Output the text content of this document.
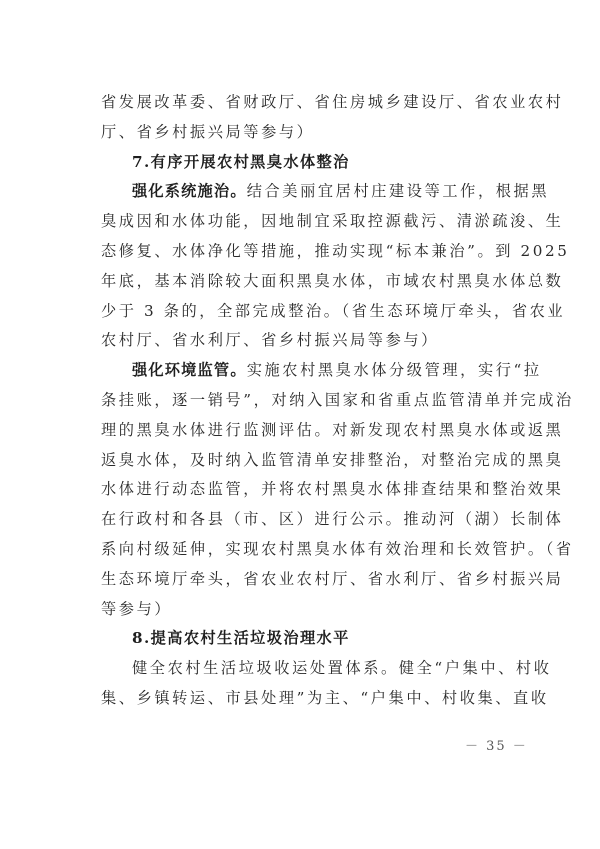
省发展改革委、省财政厅、省住房城乡建设厅、省农业农村
厅、省乡村振兴局等参与）
7.有序开展农村黑臭水体整治
强化系统施治。结合美丽宜居村庄建设等工作，根据黑
臭成因和水体功能，因地制宜采取控源截污、清淤疏浚、生
态修复、水体净化等措施，推动实现“标本兼治”。到 2025
年底，基本消除较大面积黑臭水体，市域农村黑臭水体总数
少于 3 条的，全部完成整治。（省生态环境厅牵头，省农业
农村厅、省水利厅、省乡村振兴局等参与）
强化环境监管。实施农村黑臭水体分级管理，实行“拉
条挂账，逐一销号”，对纳入国家和省重点监管清单并完成治
理的黑臭水体进行监测评估。对新发现农村黑臭水体或返黑
返臭水体，及时纳入监管清单安排整治，对整治完成的黑臭
水体进行动态监管，并将农村黑臭水体排查结果和整治效果
在行政村和各县（市、区）进行公示。推动河（湖）长制体
系向村级延伸，实现农村黑臭水体有效治理和长效管护。（省
生态环境厅牵头，省农业农村厅、省水利厅、省乡村振兴局
等参与）
8.提高农村生活垃圾治理水平
健全农村生活垃圾收运处置体系。健全“户集中、村收
集、乡镇转运、市县处理”为主、“户集中、村收集、直收
－ 35 －
